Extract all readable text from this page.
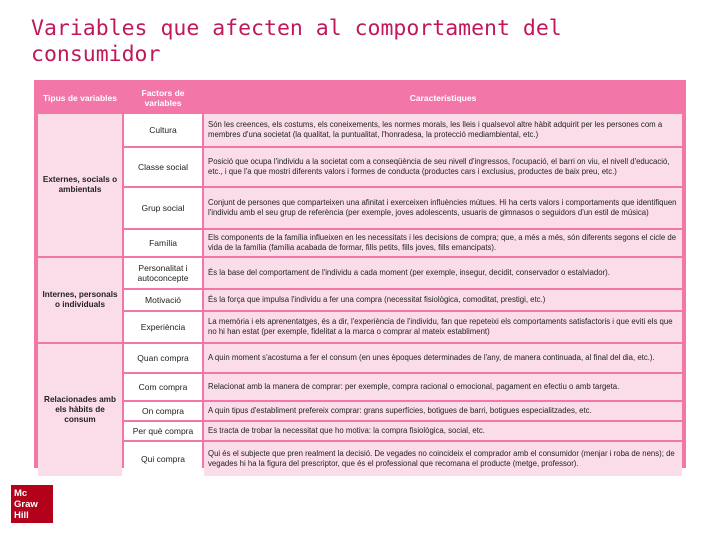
Variables que afecten al comportament del consumidor
Tipus de variables	Factors de variables	Característiques
Externes, socials o ambientals	Cultura	Són les creences, els costums, els coneixements, les normes morals, les lleis i qualsevol altre hàbit adquirit per les persones com a membres d'una societat (la qualitat, la puntualitat, l'honradesa, la protecció mediambiental, etc.)
	Classe social	Posició que ocupa l'individu a la societat com a conseqüència de seu nivell d'ingressos, l'ocupació, el barri on viu, el nivell d'educació, etc., i que l'a que mostri diferents valors i formes de conducta (productes cars i exclusius, productes de baix preu, etc.)
	Grup social	Conjunt de persones que comparteixen una afinitat i exerceixen influències mútues. Hi ha certs valors i comportaments que identifiquen l'individu amb el seu grup de referència (per exemple, joves adolescents, usuaris de gimnasos o seguidors d'un estil de música)
	Família	Els components de la família influeixen en les necessitats i les decisions de compra; que, a més a més, són diferents segons el cicle de vida de la família (família acabada de formar, fills petits, fills joves, fills emancipats).
Internes, personals o individuals	Personalitat i autoconcepte	És la base del comportament de l'individu a cada moment (per exemple, insegur, decidit, conservador o estalviador).
	Motivació	És la força que impulsa l'individu a fer una compra (necessitat fisiològica, comoditat, prestigi, etc.)
	Experiència	La memòria i els aprenentatges, és a dir, l'experiència de l'individu, fan que repeteixi els comportaments satisfactoris i que eviti els que no hi han estat (per exemple, fidelitat a la marca o comprar al mateix establiment)
Relacionades amb els hàbits de consum	Quan compra	A quin moment s'acostuma a fer el consum (en unes èpoques determinades de l'any, de manera continuada, al final del dia, etc.).
	Com compra	Relacionat amb la manera de comprar: per exemple, compra racional o emocional, pagament en efectiu o amb targeta.
	On compra	A quin tipus d'establiment prefereix comprar: grans superfícies, botigues de barri, botigues especialitzades, etc.
	Per què compra	Es tracta de trobar la necessitat que ho motiva: la compra fisiològica, social, etc.
	Qui compra	Qui és el subjecte que pren realment la decisió. De vegades no coincideix el comprador amb el consumidor (menjar i roba de nens); de vegades hi ha la figura del prescriptor, que és el professional que recomana el producte (metge, professor).
Mc
Graw
Hill
